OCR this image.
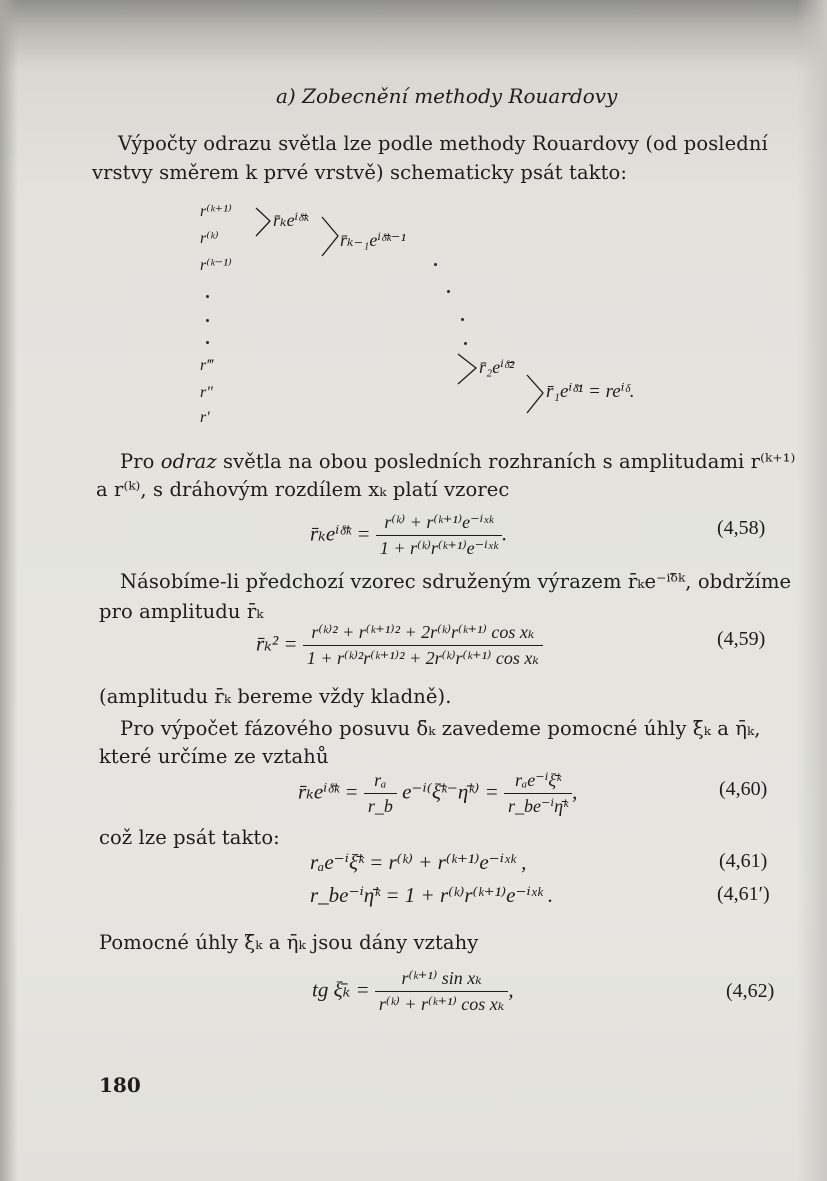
a) Zobecnění methody Rouardovy
Výpočty odrazu světla lze podle methody Rouardovy (od poslední
vrstvy směrem k prvé vrstvě) schematicky psát takto:
r⁽ᵏ⁺¹⁾
r⁽ᵏ⁾
r⁽ᵏ⁻¹⁾
r̄ₖeⁱᵟ̄ᵏ
r̄ₖ₋₁eⁱᵟ̄ᵏ⁻¹
r‴
r″
r′
r̄₂eⁱᵟ̄²
r̄₁eⁱᵟ̄¹ = reⁱᵟ.
Pro odraz světla na obou posledních rozhraních s amplitudami r⁽ᵏ⁺¹⁾
a r⁽ᵏ⁾, s dráhovým rozdílem xₖ platí vzorec
r̄ₖeⁱᵟ̄ᵏ = $\frac{\text{r⁽ᵏ⁾ + r⁽ᵏ⁺¹⁾e⁻ⁱˣᵏ}}{\text{1 + r⁽ᵏ⁾r⁽ᵏ⁺¹⁾e⁻ⁱˣᵏ}}$ .	(4,58)
Násobíme-li předchozí vzorec sdruženým výrazem r̄ₖe⁻ⁱᵟ̄ᵏ, obdržíme
pro amplitudu r̄ₖ
r̄ₖ² = $\frac{\text{r⁽ᵏ⁾² + r⁽ᵏ⁺¹⁾² + 2r⁽ᵏ⁾r⁽ᵏ⁺¹⁾ cos xₖ}}{\text{1 + r⁽ᵏ⁾²r⁽ᵏ⁺¹⁾² + 2r⁽ᵏ⁾r⁽ᵏ⁺¹⁾ cos xₖ}}$	(4,59)
(amplitudu r̄ₖ bereme vždy kladně).
Pro výpočet fázového posuvu δ̄ₖ zavedeme pomocné úhly ξ̄ₖ a η̄ₖ,
které určíme ze vztahů
r̄ₖeⁱᵟ̄ᵏ = $\frac{\text{rₐ}}{r\_b}$ e⁻ⁱ⁽ξ̄ᵏ⁻η̄ᵏ⁾ = $\frac{\text{rₐe⁻ⁱξ̄ᵏ}}{\text{r\_be⁻ⁱη̄ᵏ}}$ ,	(4,60)
což lze psát takto:
rₐe⁻ⁱξ̄ᵏ = r⁽ᵏ⁾ + r⁽ᵏ⁺¹⁾e⁻ⁱˣᵏ ,	(4,61)
r_be⁻ⁱη̄ᵏ = 1 + r⁽ᵏ⁾r⁽ᵏ⁺¹⁾e⁻ⁱˣᵏ .	(4,61′)
Pomocné úhly ξ̄ₖ a η̄ₖ jsou dány vztahy
tg ξ̄ₖ = $\frac{\text{r⁽ᵏ⁺¹⁾ sin xₖ}}{\text{r⁽ᵏ⁾ + r⁽ᵏ⁺¹⁾ cos xₖ}}$ ,	(4,62)
180
